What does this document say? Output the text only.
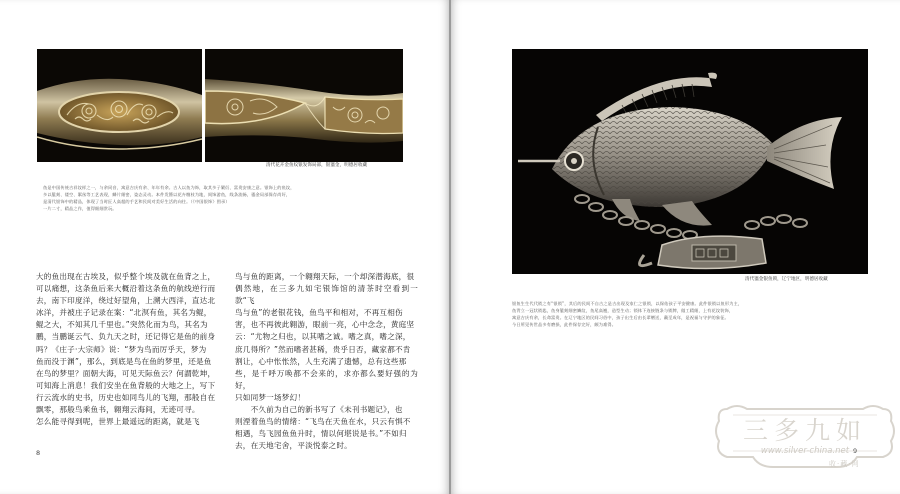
清代花卉金鱼纹银发饰局部，银鎏金，明德居收藏
鱼是中国传统吉祥纹样之一，与余同音，寓意吉庆有余、年年有余。古人以鱼为饰，取其多子繁衍、富贵安康之意。银饰上的鱼纹，
多以錾刻、镂空、累丝等工艺表现，鳞片细密，姿态灵动。本件发簪以花卉缠枝为地，间饰游鱼，线条流畅，鎏金局部保存尚好，
是清代银饰中的精品，体现了当时匠人高超的手艺和民间对美好生活的向往。（《中国银饰》图录）
一片二寸，精品之作，值得细细赏玩。
大的鱼出现在古埃及，似乎整个埃及就在鱼背之上，
可以痛想，这条鱼后来大概沿着这条鱼的航线逆行而
去，南下印度洋，绕过好望角，上溯大西洋，直达北
冰洋，并被庄子记录在案：“北溟有鱼，其名为鲲，
鲲之大，不知其几千里也。”突然化而为鸟，其名为
鹏，当鹏诞云气、负九天之时，还记得它是鱼的前身
吗？《庄子·大宗师》说：“梦为鸟而厉乎天，梦为
鱼而没于渊”，那么，到底是鸟在鱼的梦里，还是鱼
在鸟的梦里？面朝大海，可见天际鱼云？何謂乾坤，
可知海上消息！我们安坐在鱼背般的大地之上，写下
行云流水的史书，历史也如同鸟儿的飞翔，那般自在
飘零，那般鸟乘鱼书，翱翔云海间，无迹可寻。
怎么能寻得到呢，世界上最遥远的距离，就是飞
鸟与鱼的距离，一个翱翔天际，一个却深潜海底，很
偶然地，在三多九如宅银饰馆的清茶时空看到一款“飞
鸟与鱼”的老银花钱，鱼鸟平和相对，不再互相伤
害，也不再彼此翱游，眼前一亮，心中念念，黄庭坚
云：“尤物之归也，以其嗜之诚。嗜之真，嗜之深，
庶几得所？”然而嗜者甚稀，贵乎日否，藏家都不肯
割让，心中怅怅然，人生充满了遗憾，总有这些那
些，是千呼万唤都不会来的，求亦都么要好强的为好，
只如同梦一场梦幻！
　　不久前为自己的新书写了《未刊书题记》，也
则湮着鱼鸟的情绪：“飞鸟在天鱼在水，只云有惧不
相遇，鸟飞园鱼鱼升时，情以何堪说是书。”不如归
去，在天地宅舍，平淡悦泰之时。
8
清代鎏金银鱼锁，辽宁地区，明德居收藏
银鱼生生代代锁之有“银锁”，其后的民间不自古之是古出现及家仁之银锁，以保佑孩子平安健康。此件银锁以鱼形为主，
鱼背立一冠状锁匙，鱼身錾刻细密鳞纹，鱼尾高翘，造型生动；锁体下连接链条与锁牌，做工精细，上有花纹装饰，
寓意吉庆有余，长命富贵。在辽宁地区的民间习俗中，孩子出生后由长辈赠送，戴至成年，是祝福与守护的象征。
今日所见传世品多有磨损，此件保存完好，颇为难得。
9
三多九如
www.silver-china.net
收·藏·网
